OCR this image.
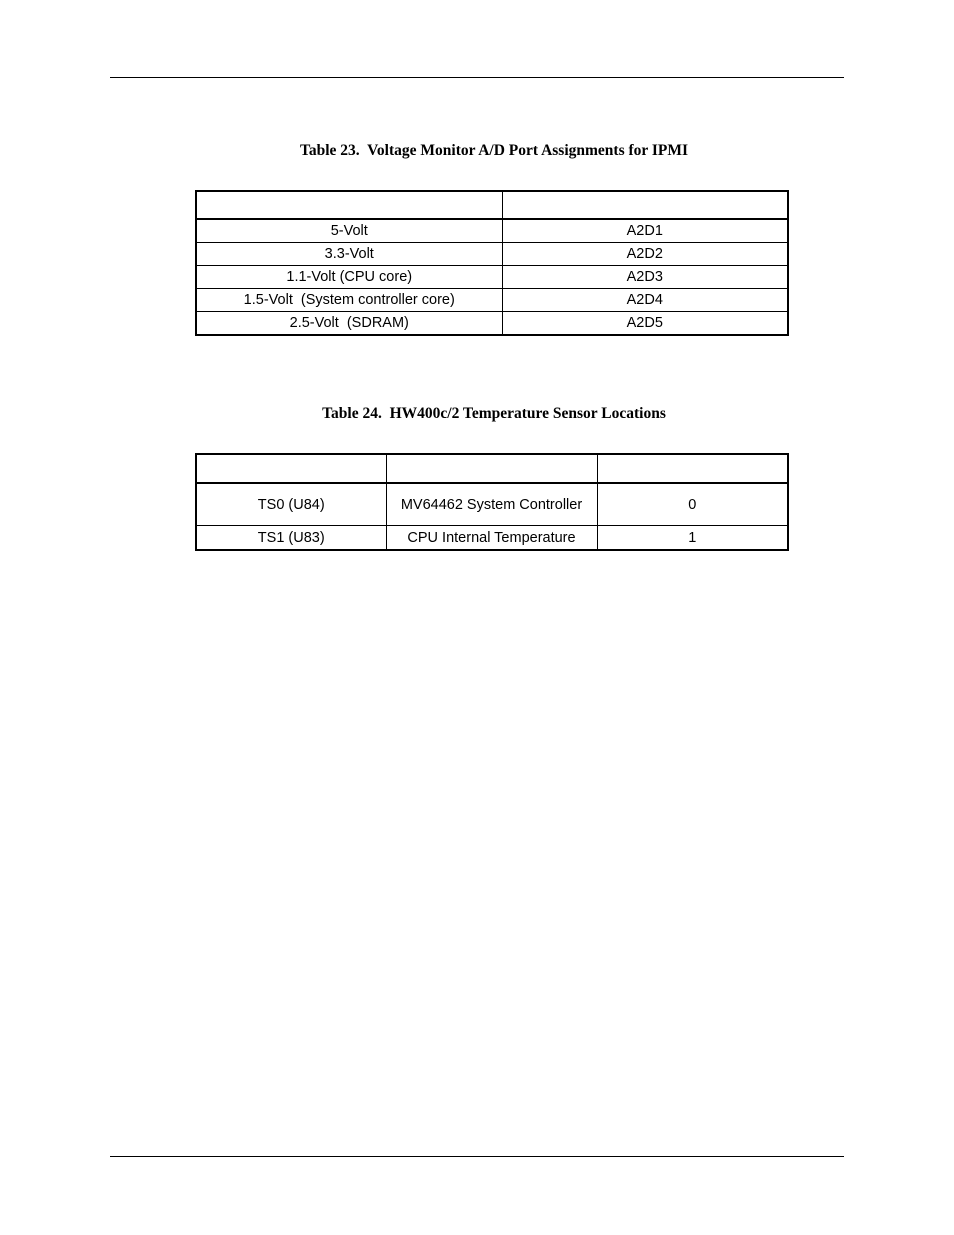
Table 23.  Voltage Monitor A/D Port Assignments for IPMI

5-Volt	A2D1
3.3-Volt	A2D2
1.1-Volt (CPU core)	A2D3
1.5-Volt  (System controller core)	A2D4
2.5-Volt  (SDRAM)	A2D5
Table 24.  HW400c/2 Temperature Sensor Locations

TS0 (U84)	MV64462 System Controller	0
TS1 (U83)	CPU Internal Temperature	1
